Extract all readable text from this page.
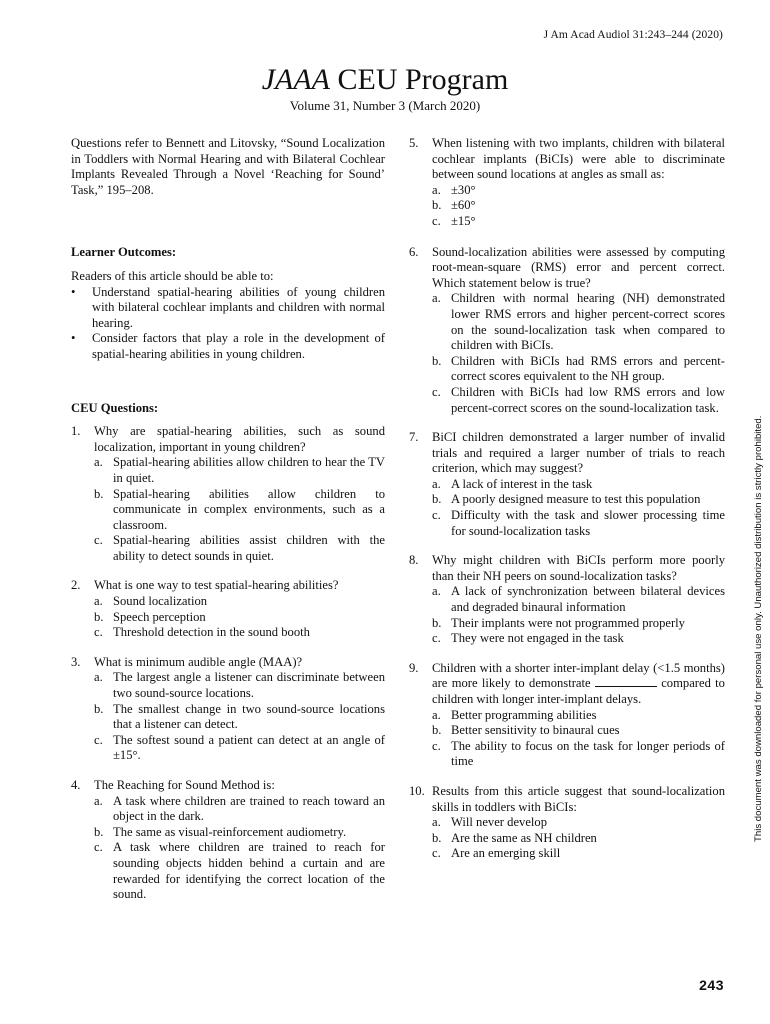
J Am Acad Audiol 31:243–244 (2020)
JAAA CEU Program
Volume 31, Number 3 (March 2020)

Questions refer to Bennett and Litovsky, “Sound Localization in Toddlers with Normal Hearing and with Bilateral Cochlear Implants Revealed Through a Novel ‘Reaching for Sound’ Task,” 195–208.

Learner Outcomes:

Readers of this article should be able to:

• Understand spatial-hearing abilities of young children with bilateral cochlear implants and children with normal hearing.
• Consider factors that play a role in the development of spatial-hearing abilities in young children.

CEU Questions:

1. Why are spatial-hearing abilities, such as sound localization, important in young children?
a. Spatial-hearing abilities allow children to hear the TV in quiet.
b. Spatial-hearing abilities allow children to communicate in complex environments, such as a classroom.
c. Spatial-hearing abilities assist children with the ability to detect sounds in quiet.
2. What is one way to test spatial-hearing abilities?
a. Sound localization
b. Speech perception
c. Threshold detection in the sound booth
3. What is minimum audible angle (MAA)?
a. The largest angle a listener can discriminate between two sound-source locations.
b. The smallest change in two sound-source locations that a listener can detect.
c. The softest sound a patient can detect at an angle of ±15°.
4. The Reaching for Sound Method is:
a. A task where children are trained to reach toward an object in the dark.
b. The same as visual-reinforcement audiometry.
c. A task where children are trained to reach for sounding objects hidden behind a curtain and are rewarded for identifying the correct location of the sound.
5. When listening with two implants, children with bilateral cochlear implants (BiCIs) were able to discriminate between sound locations at angles as small as:
a. ±30°
b. ±60°
c. ±15°
6. Sound-localization abilities were assessed by computing root-mean-square (RMS) error and percent correct. Which statement below is true?
a. Children with normal hearing (NH) demonstrated lower RMS errors and higher percent-correct scores on the sound-localization task when compared to children with BiCIs.
b. Children with BiCIs had RMS errors and percent-correct scores equivalent to the NH group.
c. Children with BiCIs had low RMS errors and low percent-correct scores on the sound-localization task.
7. BiCI children demonstrated a larger number of invalid trials and required a larger number of trials to reach criterion, which may suggest?
a. A lack of interest in the task
b. A poorly designed measure to test this population
c. Difficulty with the task and slower processing time for sound-localization tasks
8. Why might children with BiCIs perform more poorly than their NH peers on sound-localization tasks?
a. A lack of synchronization between bilateral devices and degraded binaural information
b. Their implants were not programmed properly
c. They were not engaged in the task
9. Children with a shorter inter-implant delay (<1.5 months) are more likely to demonstrate	compared to children with longer inter-implant delays.
a. Better programming abilities
b. Better sensitivity to binaural cues
c. The ability to focus on the task for longer periods of time
10. Results from this article suggest that sound-localization skills in toddlers with BiCIs:
a. Will never develop
b. Are the same as NH children
c. Are an emerging skill
This document was downloaded for personal use only. Unauthorized distribution is strictly prohibited.
243
